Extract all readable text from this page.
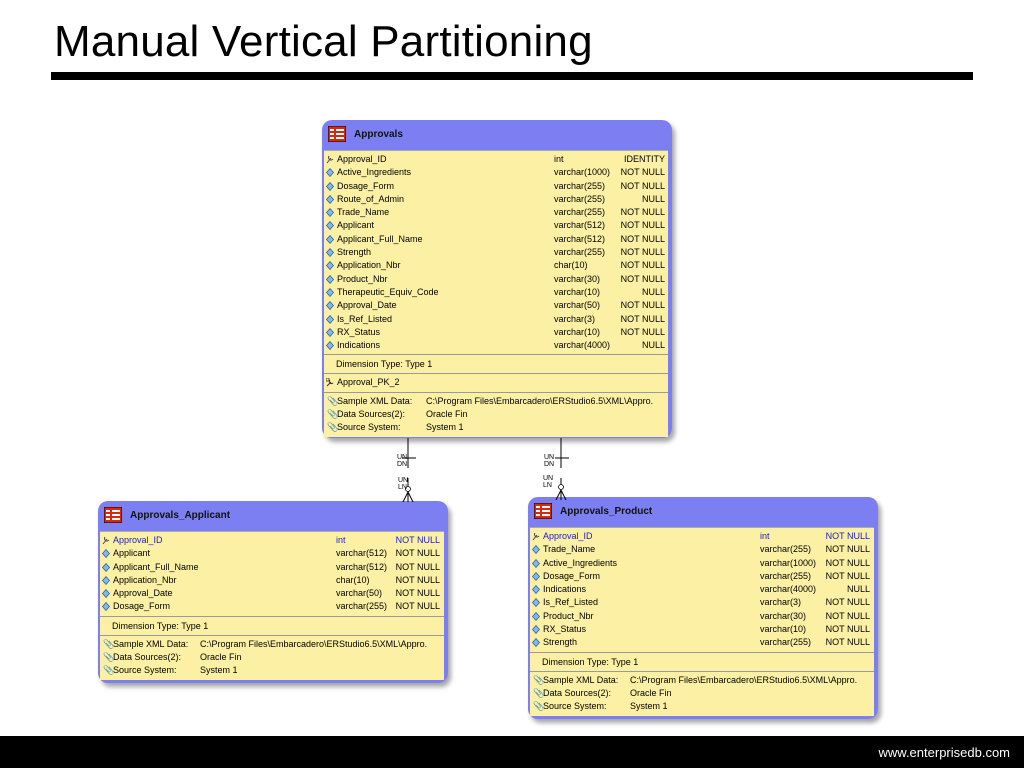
Manual Vertical Partitioning
Approvals
Approval_ID	int	IDENTITY
Active_Ingredients	varchar(1000) NOT NULL
Dosage_Form	varchar(255) NOT NULL
Route_of_Admin	varchar(255)	NULL
Trade_Name	varchar(255) NOT NULL
Applicant	varchar(512) NOT NULL
Applicant_Full_Name	varchar(512) NOT NULL
Strength	varchar(255) NOT NULL
Application_Nbr	char(10)	NOT NULL
Product_Nbr	varchar(30) NOT NULL
Therapeutic_Equiv_Code	varchar(10)	NULL
Approval_Date	varchar(50) NOT NULL
Is_Ref_Listed	varchar(3)	NOT NULL
RX_Status	varchar(10) NOT NULL
Indications	varchar(4000)	NULL
Dimension Type: Type 1
Approval_PK_2
📎
Sample XML Data: C:\Program Files\Embarcadero\ERStudio6.5\XML\Appro.
📎
Data Sources(2): Oracle Fin
📎
Source System:	System 1
Approvals_Applicant
Approval_ID	int	NOT NULL
Applicant	varchar(512) NOT NULL
Applicant_Full_Name	varchar(512) NOT NULL
Application_Nbr	char(10)	NOT NULL
Approval_Date	varchar(50) NOT NULL
Dosage_Form	varchar(255) NOT NULL
Dimension Type: Type 1
📎
Sample XML Data: C:\Program Files\Embarcadero\ERStudio6.5\XML\Appro.
📎
Data Sources(2): Oracle Fin
📎
Source System:	System 1
Approvals_Product
Approval_ID	int	NOT NULL
Trade_Name	varchar(255) NOT NULL
Active_Ingredients	varchar(1000) NOT NULL
Dosage_Form	varchar(255) NOT NULL
Indications	varchar(4000)	NULL
Is_Ref_Listed	varchar(3)	NOT NULL
Product_Nbr	varchar(30) NOT NULL
RX_Status	varchar(10) NOT NULL
Strength	varchar(255) NOT NULL
Dimension Type: Type 1
📎
Sample XML Data: C:\Program Files\Embarcadero\ERStudio6.5\XML\Appro.
📎
Data Sources(2): Oracle Fin
📎
Source System:	System 1
UN
DN
UN
LN
UN
DN
UN
LN
www.enterprisedb.com
